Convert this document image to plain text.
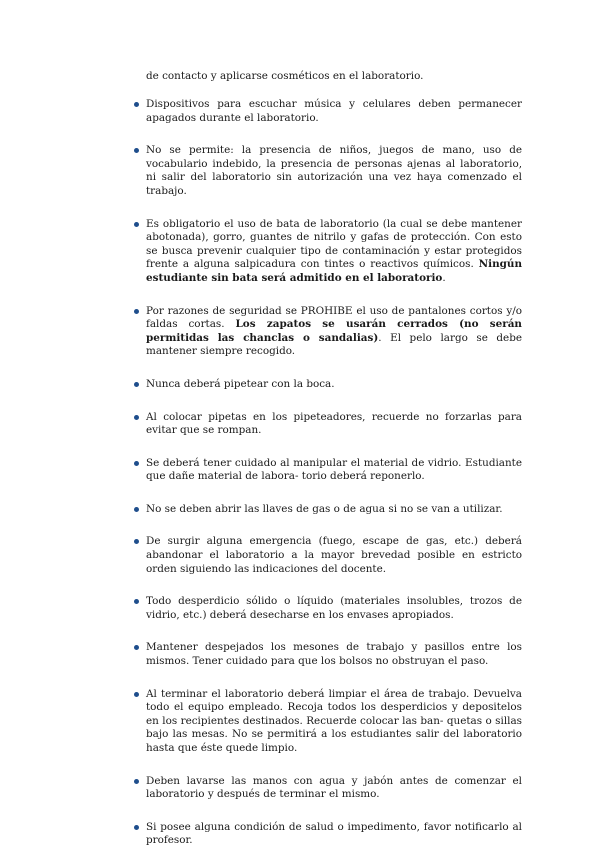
de contacto y aplicarse cosméticos en el laboratorio.

Dispositivos para escuchar música y celulares deben permanecer apagados durante el laboratorio.
No se permite: la presencia de niños, juegos de mano, uso de vocabulario indebido, la presencia de personas ajenas al laboratorio, ni salir del laboratorio sin autorización una vez haya comenzado el trabajo.
Es obligatorio el uso de bata de laboratorio (la cual se debe mantener abotonada), gorro, guantes de nitrilo y gafas de protección. Con esto se busca prevenir cualquier tipo de contaminación y estar protegidos frente a alguna salpicadura con tintes o reactivos químicos. Ningún estudiante sin bata será admitido en el laboratorio.
Por razones de seguridad se PROHIBE el uso de pantalones cortos y/o faldas cortas. Los zapatos se usarán cerrados (no serán permitidas las chanclas o sandalias). El pelo largo se debe mantener siempre recogido.
Nunca deberá pipetear con la boca.
Al colocar pipetas en los pipeteadores, recuerde no forzarlas para evitar que se rompan.
Se deberá tener cuidado al manipular el material de vidrio. Estudiante que dañe material de labora- torio deberá reponerlo.
No se deben abrir las llaves de gas o de agua si no se van a utilizar.
De surgir alguna emergencia (fuego, escape de gas, etc.) deberá abandonar el laboratorio a la mayor brevedad posible en estricto orden siguiendo las indicaciones del docente.
Todo desperdicio sólido o líquido (materiales insolubles, trozos de vidrio, etc.) deberá desecharse en los envases apropiados.
Mantener despejados los mesones de trabajo y pasillos entre los mismos. Tener cuidado para que los bolsos no obstruyan el paso.
Al terminar el laboratorio deberá limpiar el área de trabajo. Devuelva todo el equipo empleado. Recoja todos los desperdicios y depositelos en los recipientes destinados. Recuerde colocar las ban- quetas o sillas bajo las mesas. No se permitirá a los estudiantes salir del laboratorio hasta que éste quede limpio.
Deben lavarse las manos con agua y jabón antes de comenzar el laboratorio y después de terminar el mismo.
Si posee alguna condición de salud o impedimento, favor notificarlo al profesor.
